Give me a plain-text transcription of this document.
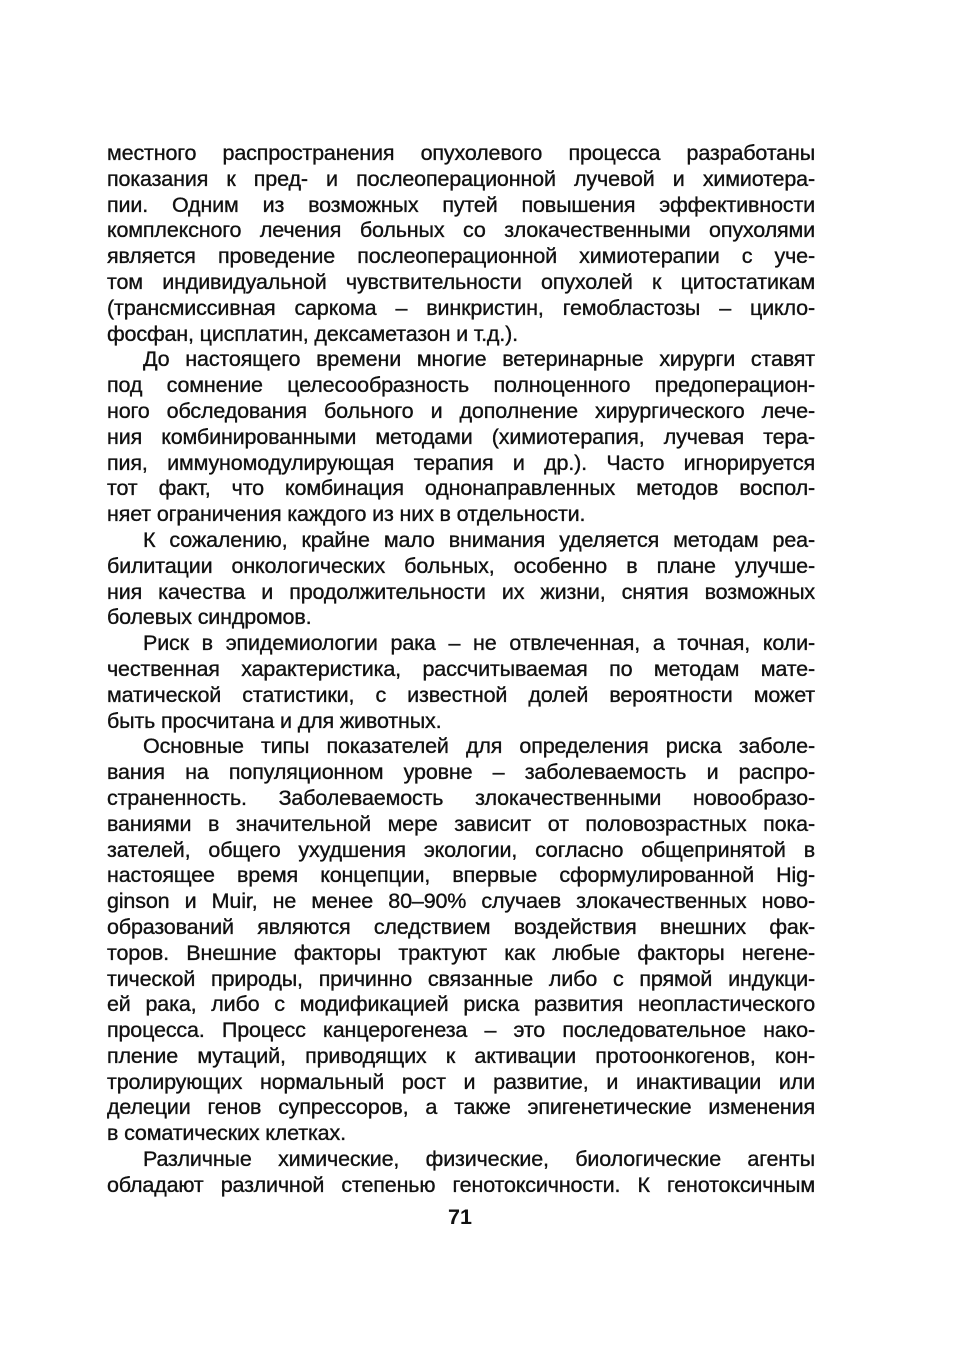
местного распространения опухолевого процесса разработаны
показания к пред- и послеоперационной лучевой и химиотера-
пии. Одним из возможных путей повышения эффективности
комплексного лечения больных со злокачественными опухолями
является проведение послеоперационной химиотерапии с уче-
том индивидуальной чувствительности опухолей к цитостатикам
(трансмиссивная саркома – винкристин, гемобластозы – цикло-
фосфан, цисплатин, дексаметазон и т.д.).
До настоящего времени многие ветеринарные хирурги ставят
под сомнение целесообразность полноценного предоперацион-
ного обследования больного и дополнение хирургического лече-
ния комбинированными методами (химиотерапия, лучевая тера-
пия, иммуномодулирующая терапия и др.). Часто игнорируется
тот факт, что комбинация однонаправленных методов воспол-
няет ограничения каждого из них в отдельности.
К сожалению, крайне мало внимания уделяется методам реа-
билитации онкологических больных, особенно в плане улучше-
ния качества и продолжительности их жизни, снятия возможных
болевых синдромов.
Риск в эпидемиологии рака – не отвлеченная, а точная, коли-
чественная характеристика, рассчитываемая по методам мате-
матической статистики, с известной долей вероятности может
быть просчитана и для животных.
Основные типы показателей для определения риска заболе-
вания на популяционном уровне – заболеваемость и распро-
страненность. Заболеваемость злокачественными новообразо-
ваниями в значительной мере зависит от половозрастных пока-
зателей, общего ухудшения экологии, согласно общепринятой в
настоящее время концепции, впервые сформулированной Hig-
ginson и Muir, не менее 80–90% случаев злокачественных ново-
образований являются следствием воздействия внешних фак-
торов. Внешние факторы трактуют как любые факторы негене-
тической природы, причинно связанные либо с прямой индукци-
ей рака, либо с модификацией риска развития неопластического
процесса. Процесс канцерогенеза – это последовательное нако-
пление мутаций, приводящих к активации протоонкогенов, кон-
тролирующих нормальный рост и развитие, и инактивации или
делеции генов супрессоров, а также эпигенетические изменения
в соматических клетках.
Различные химические, физические, биологические агенты
обладают различной степенью генотоксичности. К генотоксичным
71
